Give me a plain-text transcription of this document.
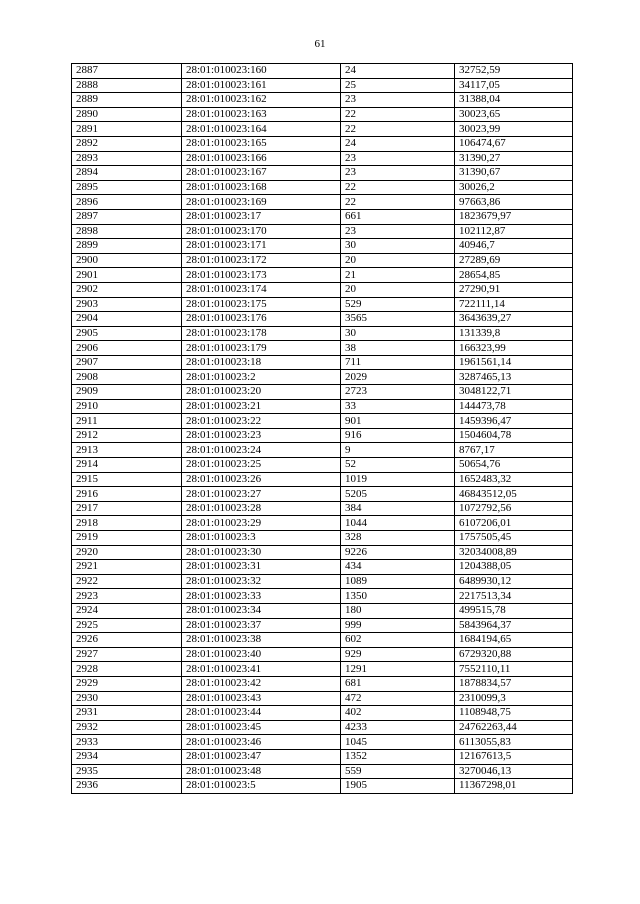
61
2887	28:01:010023:160	24	32752,59
2888	28:01:010023:161	25	34117,05
2889	28:01:010023:162	23	31388,04
2890	28:01:010023:163	22	30023,65
2891	28:01:010023:164	22	30023,99
2892	28:01:010023:165	24	106474,67
2893	28:01:010023:166	23	31390,27
2894	28:01:010023:167	23	31390,67
2895	28:01:010023:168	22	30026,2
2896	28:01:010023:169	22	97663,86
2897	28:01:010023:17	661	1823679,97
2898	28:01:010023:170	23	102112,87
2899	28:01:010023:171	30	40946,7
2900	28:01:010023:172	20	27289,69
2901	28:01:010023:173	21	28654,85
2902	28:01:010023:174	20	27290,91
2903	28:01:010023:175	529	722111,14
2904	28:01:010023:176	3565	3643639,27
2905	28:01:010023:178	30	131339,8
2906	28:01:010023:179	38	166323,99
2907	28:01:010023:18	711	1961561,14
2908	28:01:010023:2	2029	3287465,13
2909	28:01:010023:20	2723	3048122,71
2910	28:01:010023:21	33	144473,78
2911	28:01:010023:22	901	1459396,47
2912	28:01:010023:23	916	1504604,78
2913	28:01:010023:24	9	8767,17
2914	28:01:010023:25	52	50654,76
2915	28:01:010023:26	1019	1652483,32
2916	28:01:010023:27	5205	46843512,05
2917	28:01:010023:28	384	1072792,56
2918	28:01:010023:29	1044	6107206,01
2919	28:01:010023:3	328	1757505,45
2920	28:01:010023:30	9226	32034008,89
2921	28:01:010023:31	434	1204388,05
2922	28:01:010023:32	1089	6489930,12
2923	28:01:010023:33	1350	2217513,34
2924	28:01:010023:34	180	499515,78
2925	28:01:010023:37	999	5843964,37
2926	28:01:010023:38	602	1684194,65
2927	28:01:010023:40	929	6729320,88
2928	28:01:010023:41	1291	7552110,11
2929	28:01:010023:42	681	1878834,57
2930	28:01:010023:43	472	2310099,3
2931	28:01:010023:44	402	1108948,75
2932	28:01:010023:45	4233	24762263,44
2933	28:01:010023:46	1045	6113055,83
2934	28:01:010023:47	1352	12167613,5
2935	28:01:010023:48	559	3270046,13
2936	28:01:010023:5	1905	11367298,01
